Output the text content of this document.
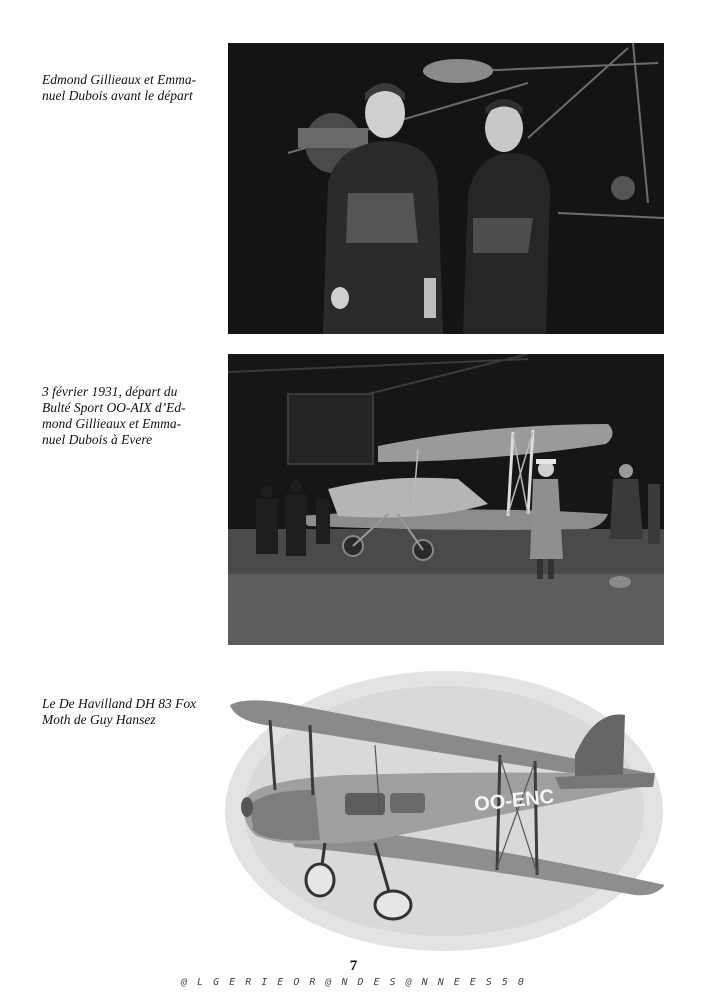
Edmond Gillieaux et Emma-
nuel Dubois avant le départ
3 février 1931, départ du
Bulté Sport OO-AIX d’Ed-
mond Gillieaux et Emma-
nuel Dubois à Evere
Le De Havilland DH 83 Fox
Moth de Guy Hansez
OO-ENC
7
@ L G E R I E O R @ N D E S @ N N E E S 5 0
